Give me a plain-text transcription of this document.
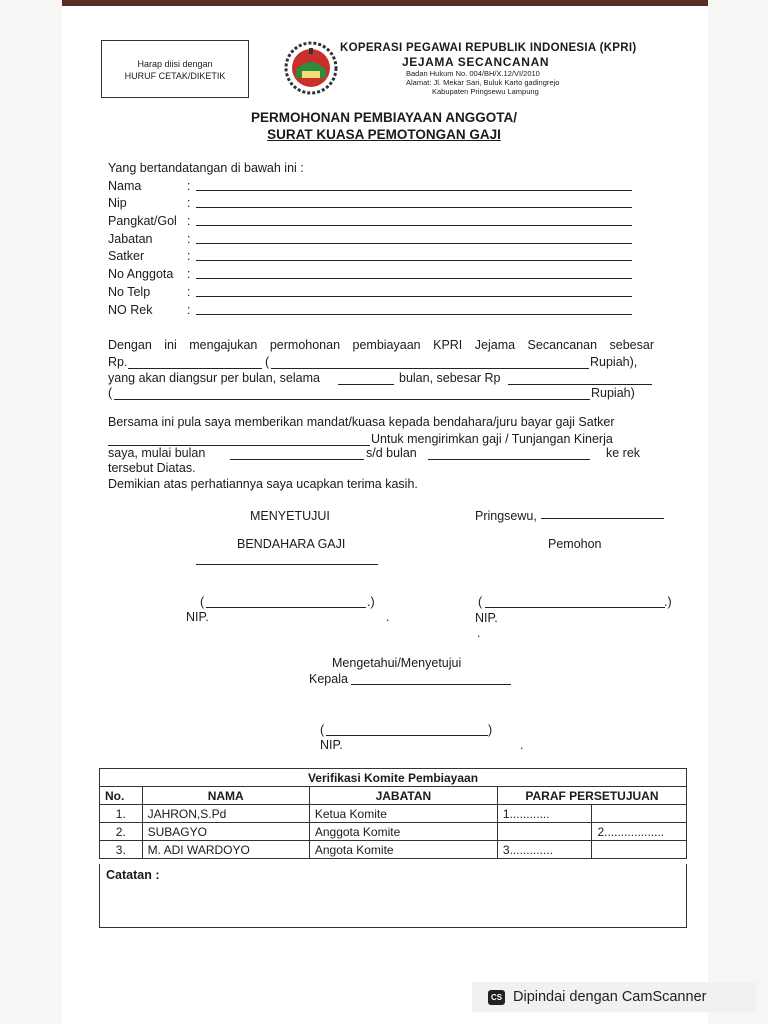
Harap diisi dengan
HURUF CETAK/DIKETIK
KOPERASI PEGAWAI REPUBLIK INDONESIA (KPRI)
JEJAMA SECANCANAN
Badan Hukum No. 004/BH/X.12/VI/2010
Alamat: Jl. Mekar Sari, Buluk Karto gadingrejo
Kabupaten Pringsewu Lampung
PERMOHONAN PEMBIAYAAN ANGGOTA/
SURAT KUASA PEMOTONGAN GAJI
Yang bertandatangan di bawah ini :
Nama	:
Nip	:
Pangkat/Gol :
Jabatan	:
Satker	:
No Anggota :
No Telp	:
NO Rek	:
Dengan ini mengajukan permohonan pembiayaan KPRI Jejama Secancanan sebesar
Rp.	(	Rupiah),
yang akan diangsur per bulan, selama	bulan, sebesar Rp
(	Rupiah)
Bersama ini pula saya memberikan mandat/kuasa kepada bendahara/juru bayar gaji Satker
Untuk mengirimkan gaji / Tunjangan Kinerja
saya, mulai bulan	s/d bulan	ke rek
tersebut Diatas.
Demikian atas perhatiannya saya ucapkan terima kasih.
MENYETUJUI	Pringsewu,
BENDAHARA GAJI	Pemohon
(	.)
NIP.	.
(	.)
NIP.
.
Mengetahui/Menyetujui
Kepala
(	)
NIP.	.
Verifikasi Komite Pembiayaan				
No.	NAMA	JABATAN	PARAF PERSETUJUAN	
1.	JAHRON,S.Pd	Ketua Komite	1............	
2.	SUBAGYO	Anggota Komite		2..................
3.	M. ADI WARDOYO	Angota Komite	3.............	
Catatan :
CS Dipindai dengan CamScanner
